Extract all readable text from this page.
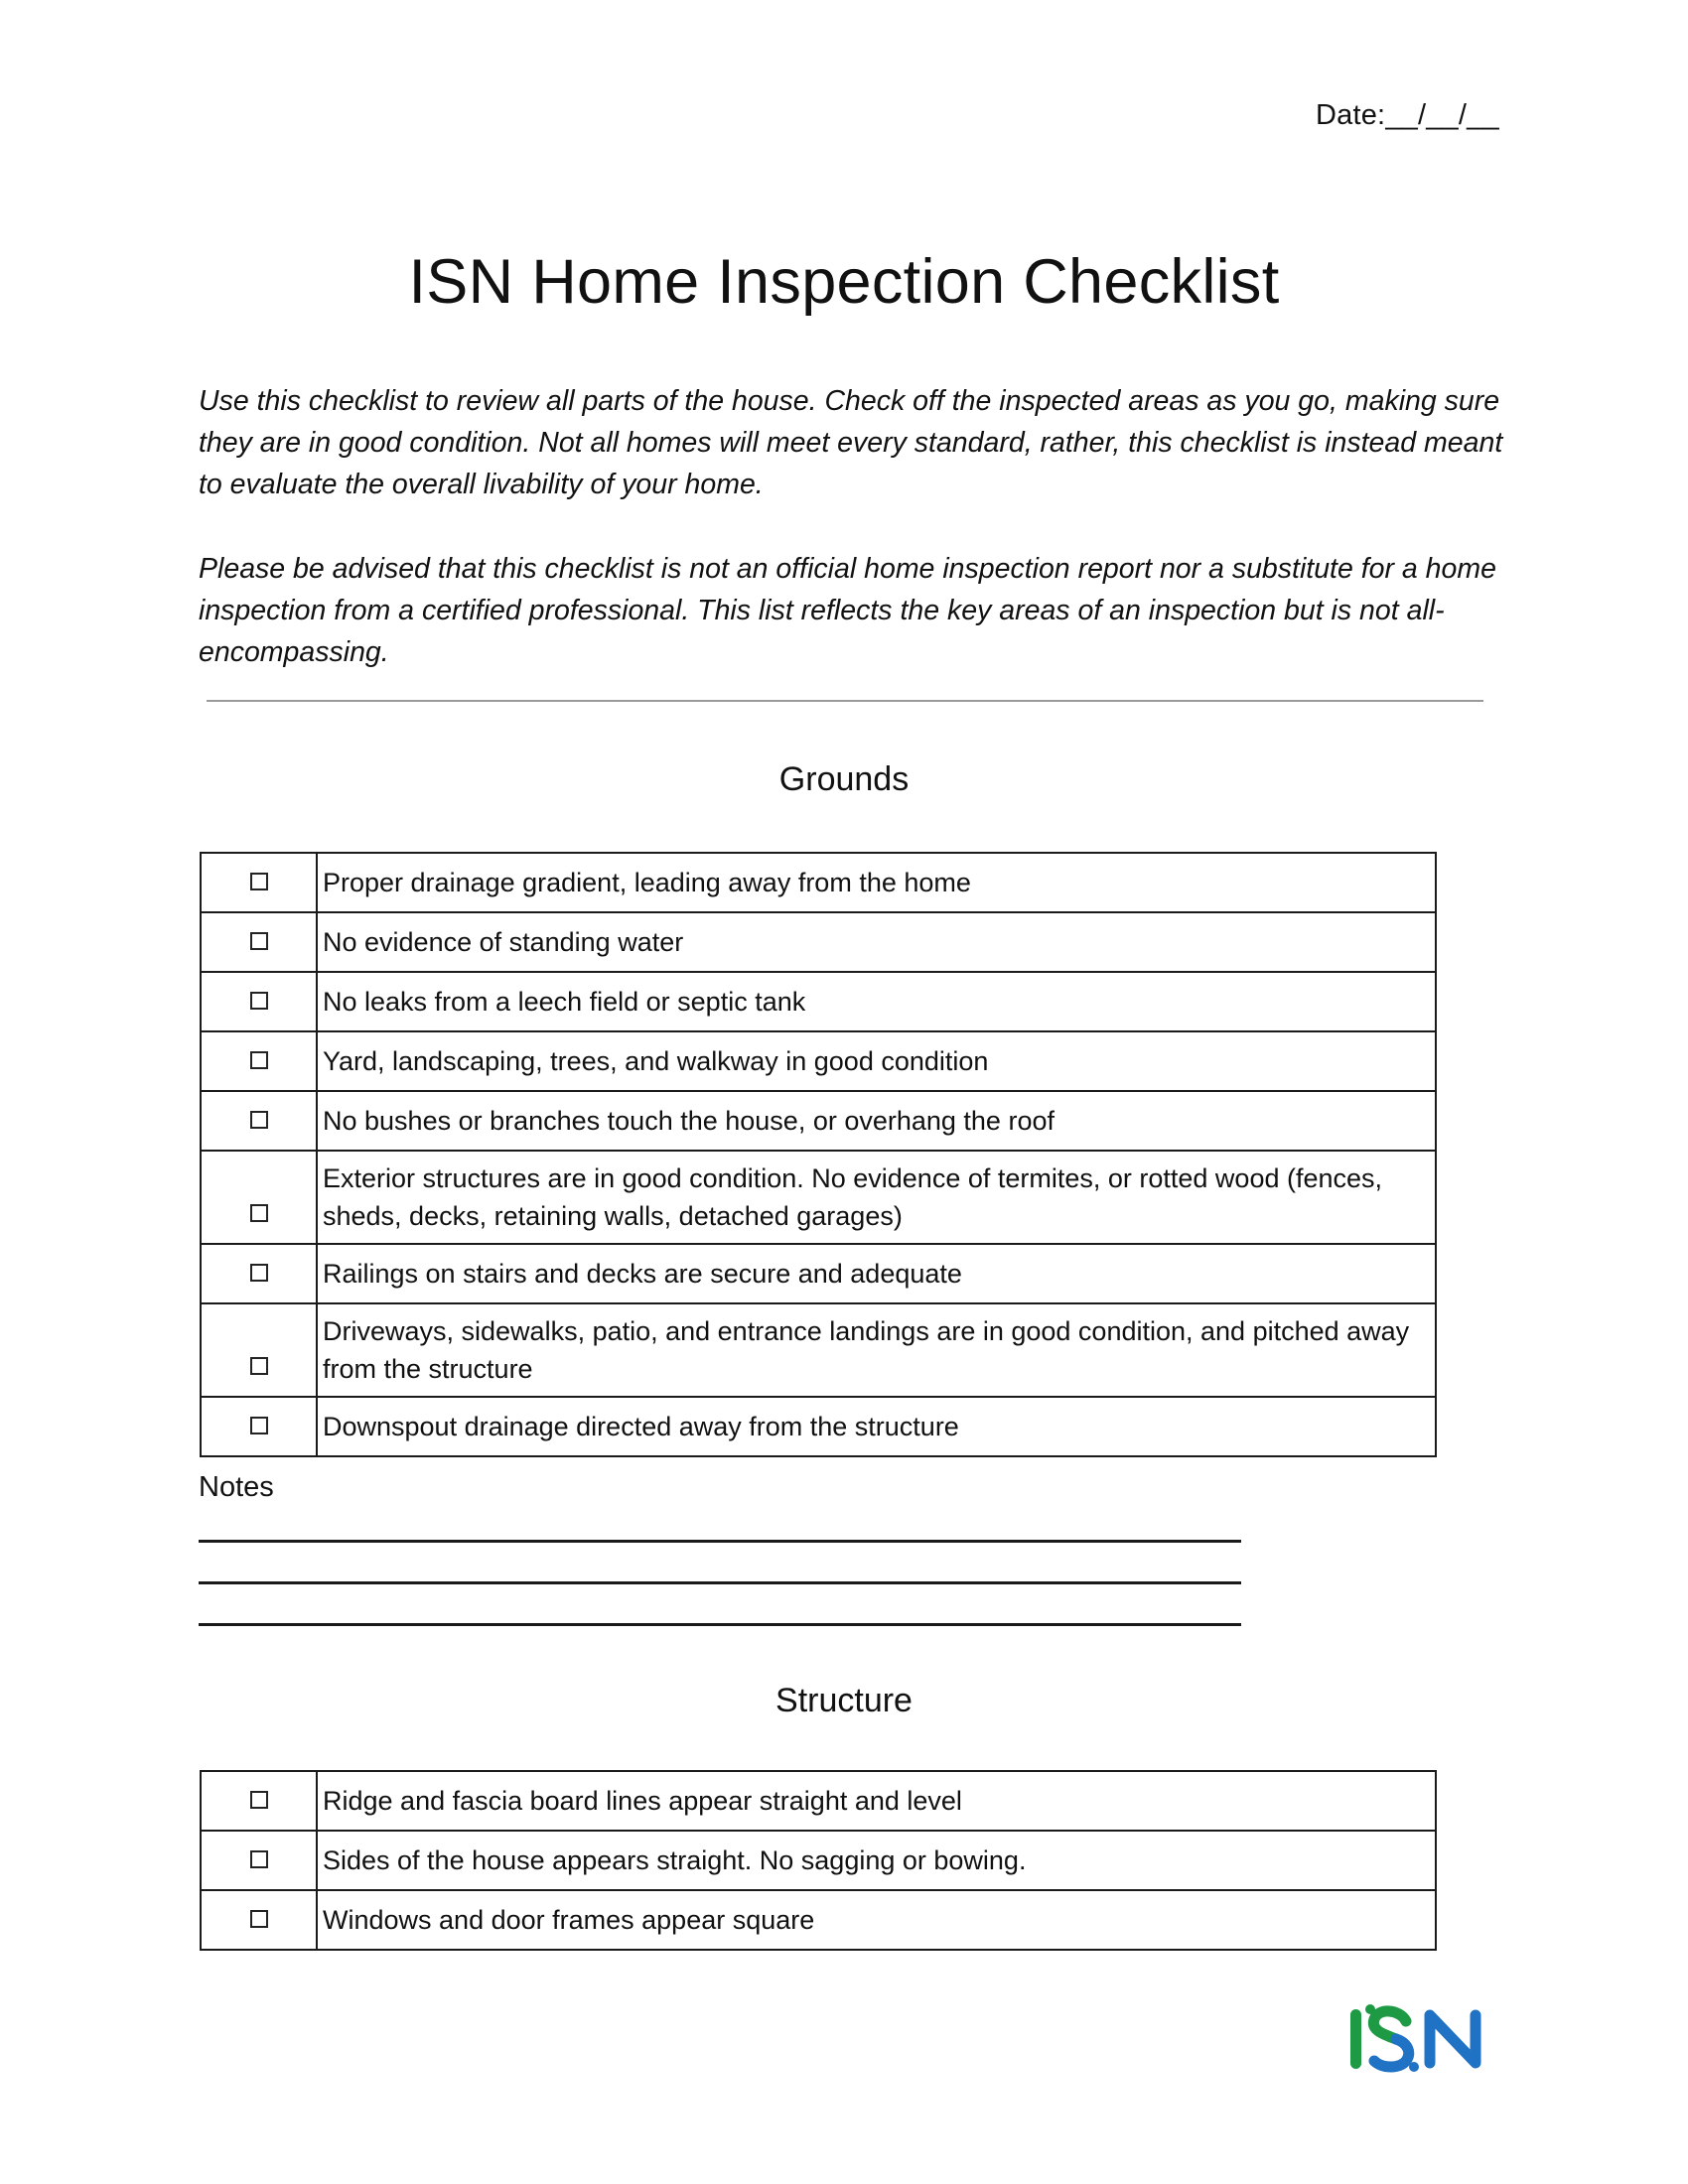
Date:__/__/__
ISN Home Inspection Checklist

Use this checklist to review all parts of the house. Check off the inspected areas as you go, making sure they are in good condition. Not all homes will meet every standard, rather, this checklist is instead meant to evaluate the overall livability of your home.

Please be advised that this checklist is not an official home inspection report nor a substitute for a home inspection from a certified professional. This list reflects the key areas of an inspection but is not all-encompassing.

Grounds
	Proper drainage gradient, leading away from the home
	No evidence of standing water
	No leaks from a leech field or septic tank
	Yard, landscaping, trees, and walkway in good condition
	No bushes or branches touch the house, or overhang the roof
	Exterior structures are in good condition. No evidence of termites, or rotted wood (fences, sheds, decks, retaining walls, detached garages)
	Railings on stairs and decks are secure and adequate
	Driveways, sidewalks, patio, and entrance landings are in good condition, and pitched away from the structure
	Downspout drainage directed away from the structure
Notes
Structure
	Ridge and fascia board lines appear straight and level
	Sides of the house appears straight. No sagging or bowing.
	Windows and door frames appear square
